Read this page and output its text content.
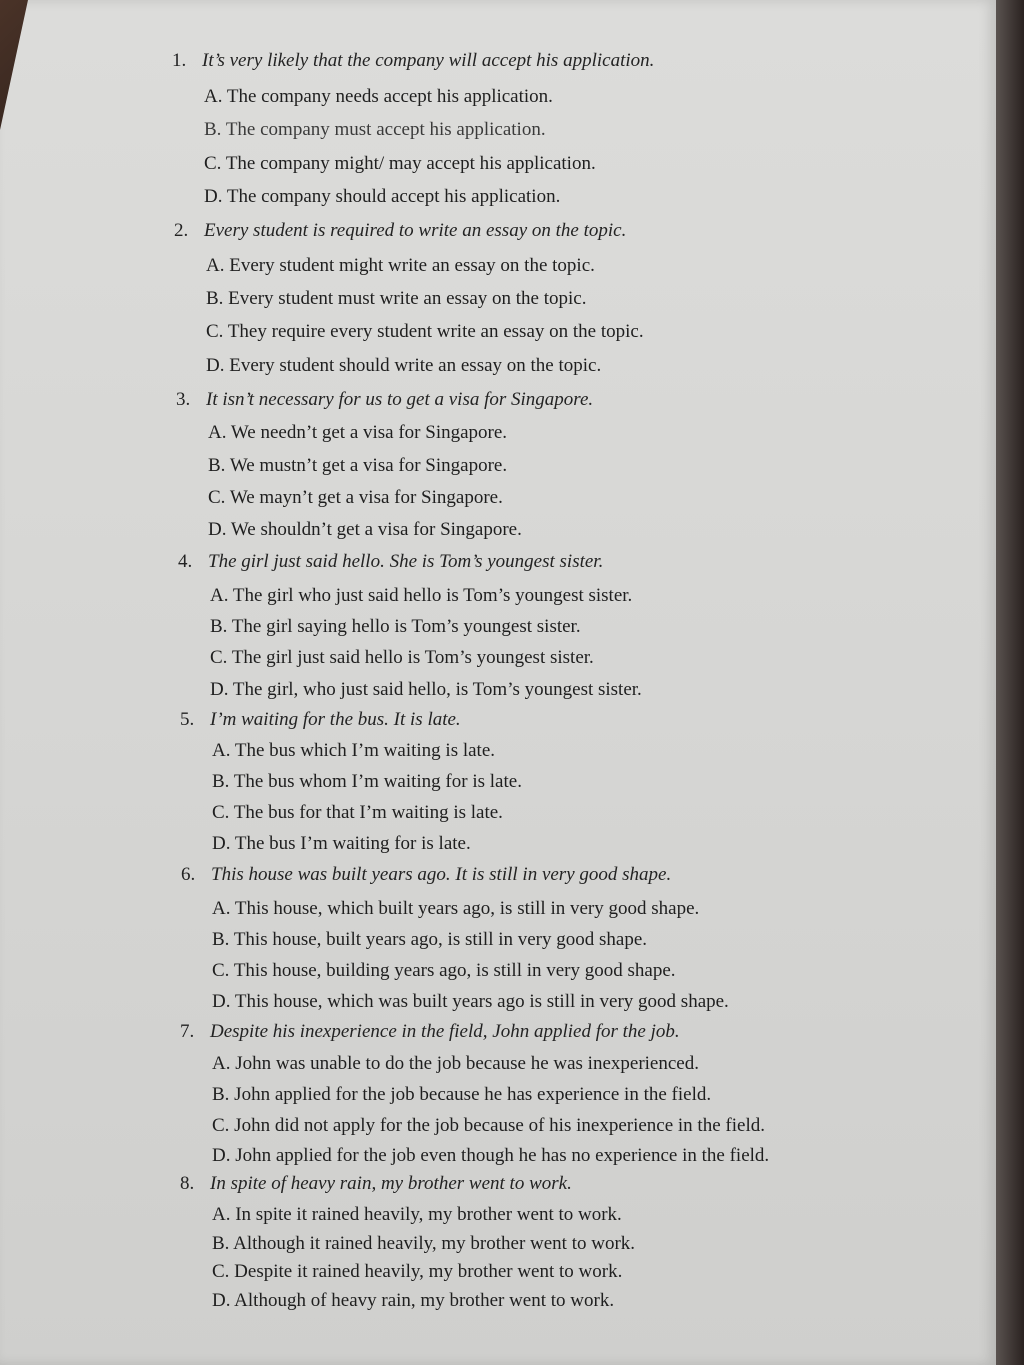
1. It’s very likely that the company will accept his application.
A. The company needs accept his application.
B. The company must accept his application.
C. The company might/ may accept his application.
D. The company should accept his application.
2. Every student is required to write an essay on the topic.
A. Every student might write an essay on the topic.
B. Every student must write an essay on the topic.
C. They require every student write an essay on the topic.
D. Every student should write an essay on the topic.
3. It isn’t necessary for us to get a visa for Singapore.
A. We needn’t get a visa for Singapore.
B. We mustn’t get a visa for Singapore.
C. We mayn’t get a visa for Singapore.
D. We shouldn’t get a visa for Singapore.
4. The girl just said hello. She is Tom’s youngest sister.
A. The girl who just said hello is Tom’s youngest sister.
B. The girl saying hello is Tom’s youngest sister.
C. The girl just said hello is Tom’s youngest sister.
D. The girl, who just said hello, is Tom’s youngest sister.
5. I’m waiting for the bus. It is late.
A. The bus which I’m waiting is late.
B. The bus whom I’m waiting for is late.
C. The bus for that I’m waiting is late.
D. The bus I’m waiting for is late.
6. This house was built years ago. It is still in very good shape.
A. This house, which built years ago, is still in very good shape.
B. This house, built years ago, is still in very good shape.
C. This house, building years ago, is still in very good shape.
D. This house, which was built years ago is still in very good shape.
7. Despite his inexperience in the field, John applied for the job.
A. John was unable to do the job because he was inexperienced.
B. John applied for the job because he has experience in the field.
C. John did not apply for the job because of his inexperience in the field.
D. John applied for the job even though he has no experience in the field.
8. In spite of heavy rain, my brother went to work.
A. In spite it rained heavily, my brother went to work.
B. Although it rained heavily, my brother went to work.
C. Despite it rained heavily, my brother went to work.
D. Although of heavy rain, my brother went to work.
